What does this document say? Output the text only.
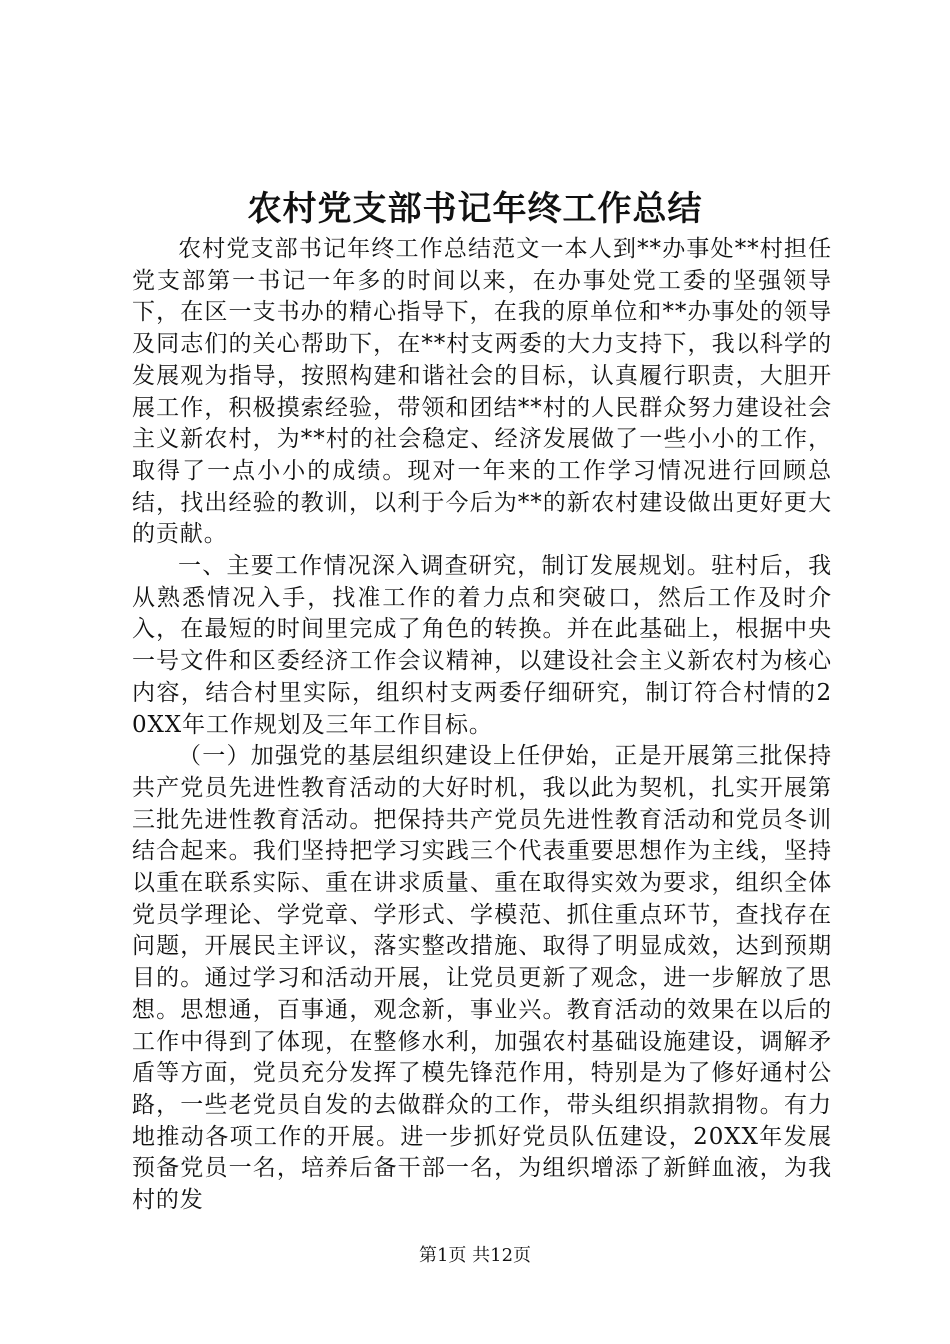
农村党支部书记年终工作总结

农村党支部书记年终工作总结范文一本人到**办事处**村担任党支部第一书记一年多的时间以来，在办事处党工委的坚强领导下，在区一支书办的精心指导下，在我的原单位和**办事处的领导及同志们的关心帮助下，在**村支两委的大力支持下，我以科学的发展观为指导，按照构建和谐社会的目标，认真履行职责，大胆开展工作，积极摸索经验，带领和团结**村的人民群众努力建设社会主义新农村，为**村的社会稳定、经济发展做了一些小小的工作，取得了一点小小的成绩。现对一年来的工作学习情况进行回顾总结，找出经验的教训，以利于今后为**的新农村建设做出更好更大的贡献。

一、主要工作情况深入调查研究，制订发展规划。驻村后，我从熟悉情况入手，找准工作的着力点和突破口，然后工作及时介入，在最短的时间里完成了角色的转换。并在此基础上，根据中央一号文件和区委经济工作会议精神，以建设社会主义新农村为核心内容，结合村里实际，组织村支两委仔细研究，制订符合村情的20XX年工作规划及三年工作目标。

（一）加强党的基层组织建设上任伊始，正是开展第三批保持共产党员先进性教育活动的大好时机，我以此为契机，扎实开展第三批先进性教育活动。把保持共产党员先进性教育活动和党员冬训结合起来。我们坚持把学习实践三个代表重要思想作为主线，坚持以重在联系实际、重在讲求质量、重在取得实效为要求，组织全体党员学理论、学党章、学形式、学模范、抓住重点环节，查找存在问题，开展民主评议，落实整改措施、取得了明显成效，达到预期目的。通过学习和活动开展，让党员更新了观念，进一步解放了思想。思想通，百事通，观念新，事业兴。教育活动的效果在以后的工作中得到了体现，在整修水利，加强农村基础设施建设，调解矛盾等方面，党员充分发挥了模先锋范作用，特别是为了修好通村公路，一些老党员自发的去做群众的工作，带头组织捐款捐物。有力地推动各项工作的开展。进一步抓好党员队伍建设，20XX年发展预备党员一名，培养后备干部一名，为组织增添了新鲜血液，为我村的发

第1页 共12页
